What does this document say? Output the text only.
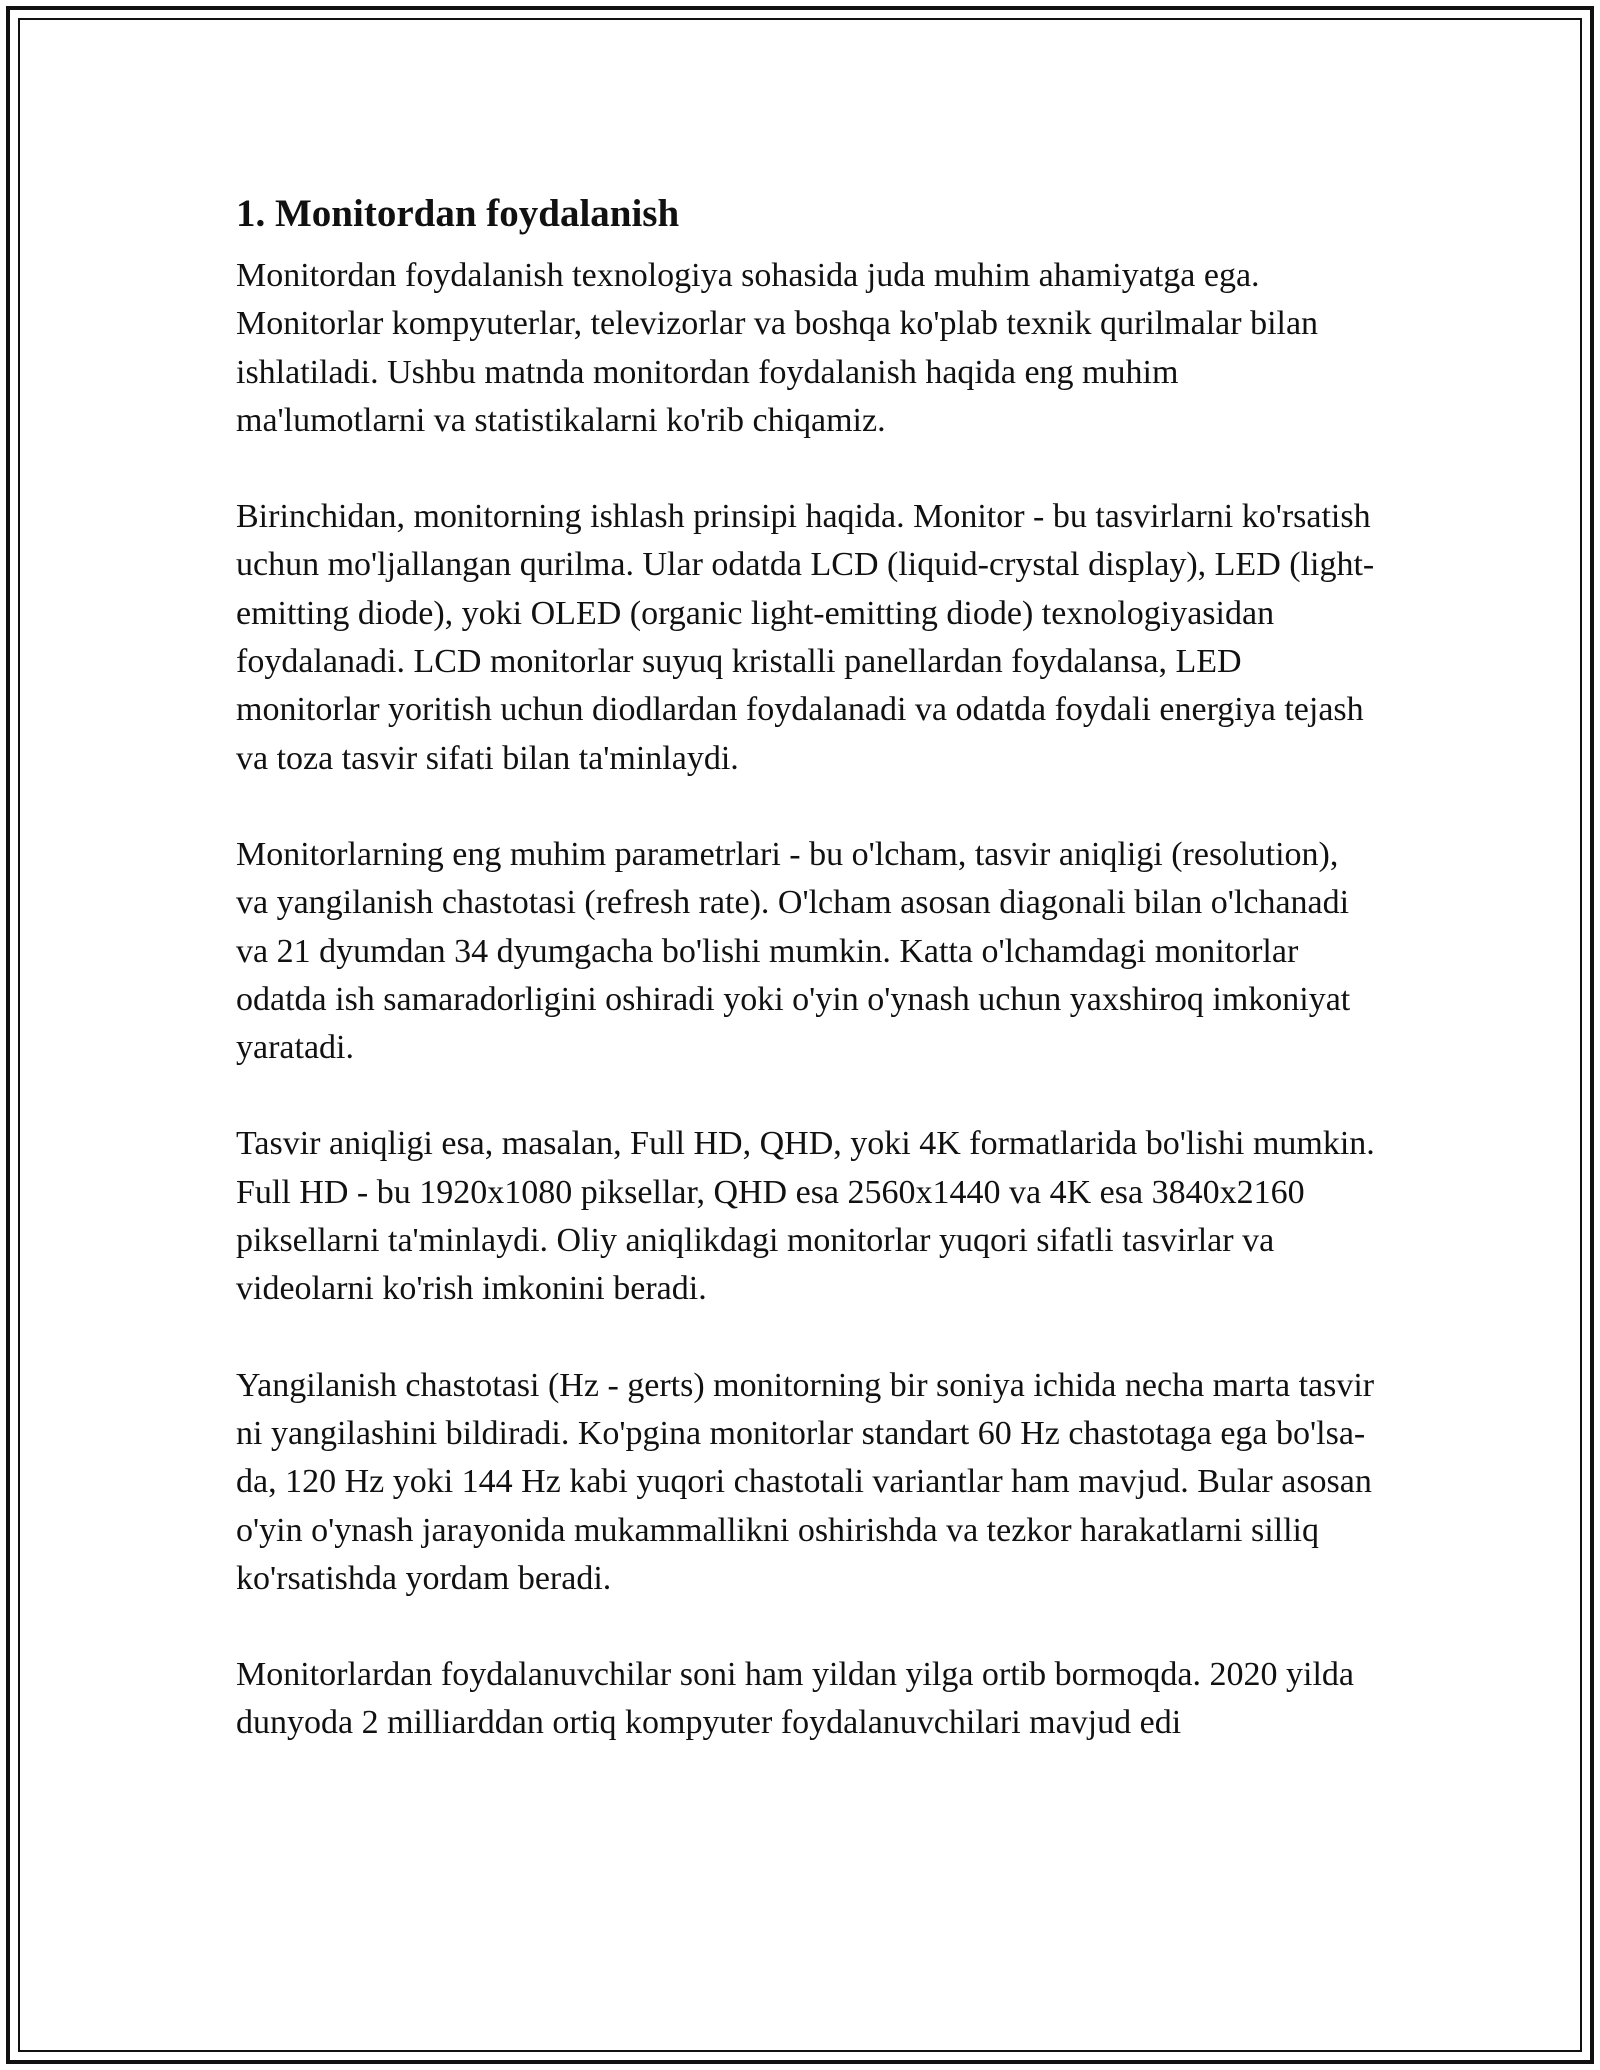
1. Monitordan foydalanish

Monitordan foydalanish texnologiya sohasida juda muhim ahamiyatga ega. Monitorlar kompyuterlar, televizorlar va boshqa ko'plab texnik qurilmalar bilan ishlatiladi. Ushbu matnda monitordan foydalanish haqida eng muhim ma'lumotlarni va statistikalarni ko'rib chiqamiz.

Birinchidan, monitorning ishlash prinsipi haqida. Monitor - bu tasvirlarni ko'rsatish uchun mo'ljallangan qurilma. Ular odatda LCD (liquid-crystal display), LED (light-emitting diode), yoki OLED (organic light-emitting diode) texnologiyasidan foydalanadi. LCD monitorlar suyuq kristalli panellardan foydalansa, LED monitorlar yoritish uchun diodlardan foydalanadi va odatda foydali energiya tejash va toza tasvir sifati bilan ta'minlaydi.

Monitorlarning eng muhim parametrlari - bu o'lcham, tasvir aniqligi (resolution), va yangilanish chastotasi (refresh rate). O'lcham asosan diagonali bilan o'lchanadi va 21 dyumdan 34 dyumgacha bo'lishi mumkin. Katta o'lchamdagi monitorlar odatda ish samaradorligini oshiradi yoki o'yin o'ynash uchun yaxshiroq imkoniyat yaratadi.

Tasvir aniqligi esa, masalan, Full HD, QHD, yoki 4K formatlarida bo'lishi mumkin. Full HD - bu 1920x1080 piksellar, QHD esa 2560x1440 va 4K esa 3840x2160 piksellarni ta'minlaydi. Oliy aniqlikdagi monitorlar yuqori sifatli tasvirlar va videolarni ko'rish imkonini beradi.

Yangilanish chastotasi (Hz - gerts) monitorning bir soniya ichida necha marta tasvir ni yangilashini bildiradi. Ko'pgina monitorlar standart 60 Hz chastotaga ega bo'lsa-da, 120 Hz yoki 144 Hz kabi yuqori chastotali variantlar ham mavjud. Bular asosan o'yin o'ynash jarayonida mukammallikni oshirishda va tezkor harakatlarni silliq ko'rsatishda yordam beradi.

Monitorlardan foydalanuvchilar soni ham yildan yilga ortib bormoqda. 2020 yilda dunyoda 2 milliarddan ortiq kompyuter foydalanuvchilari mavjud edi
